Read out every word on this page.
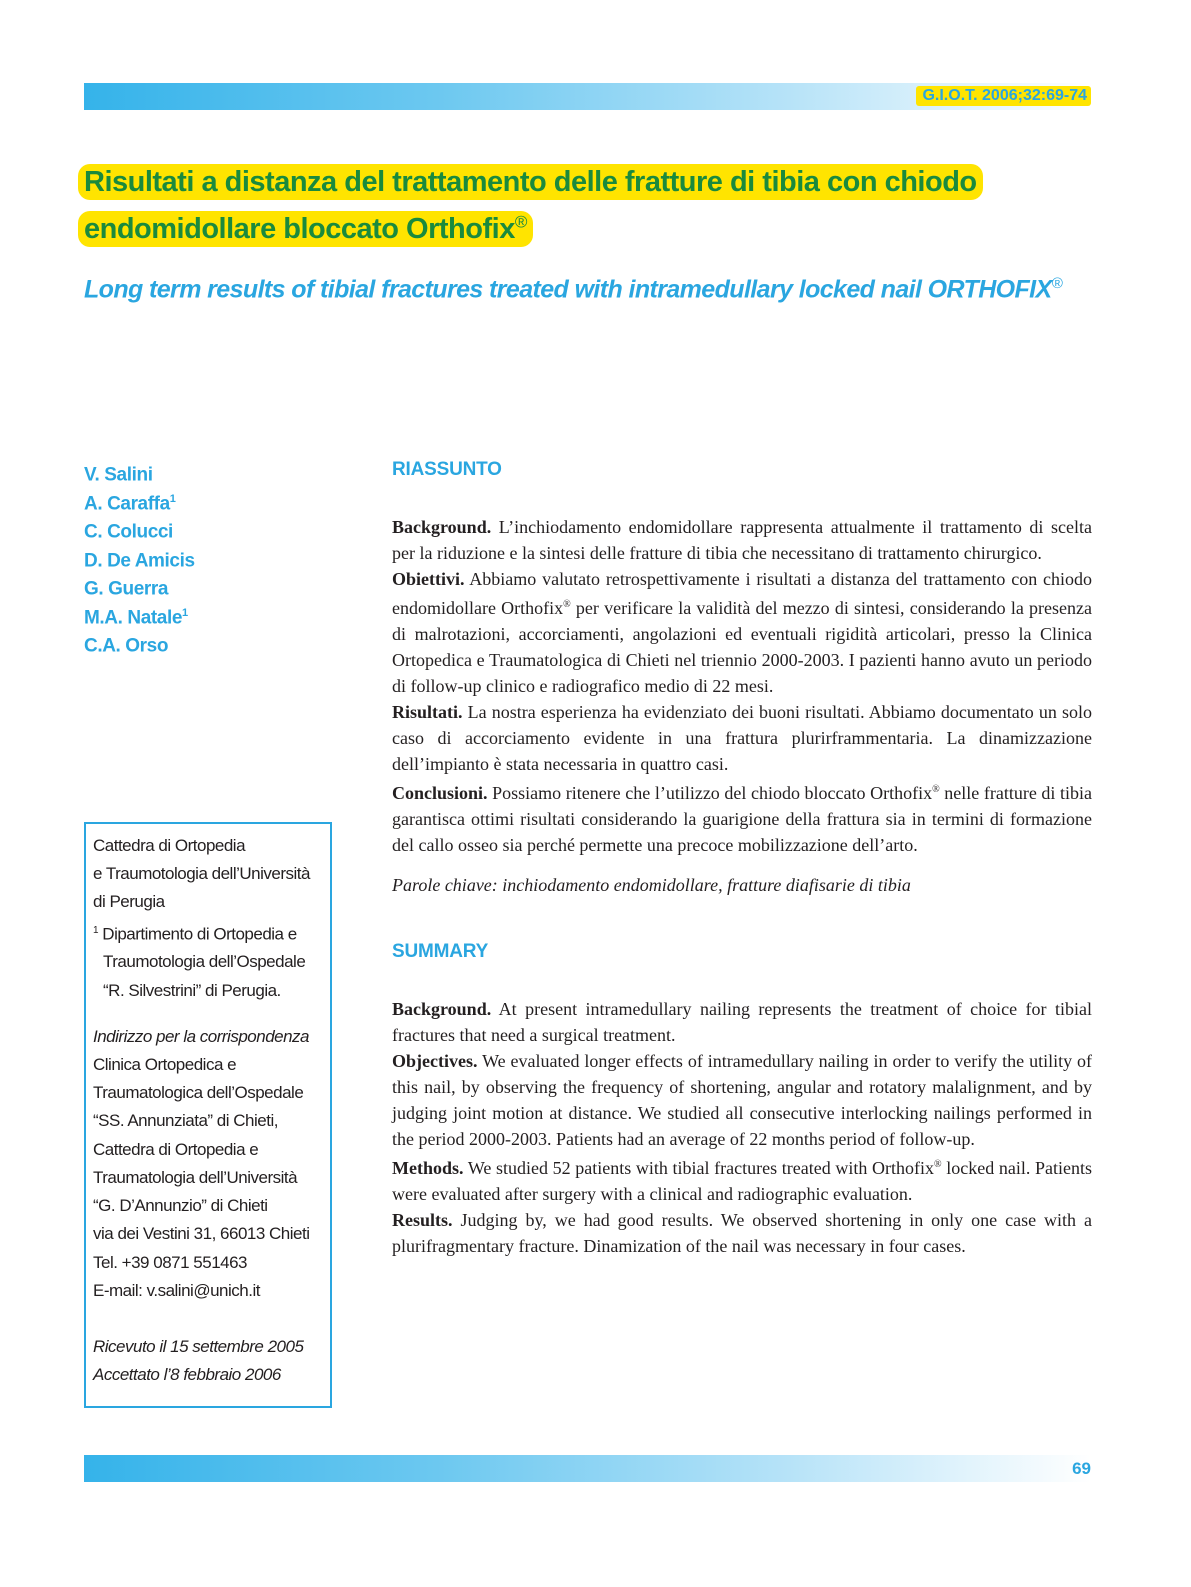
G.I.O.T. 2006;32:69-74
Risultati a distanza del trattamento delle fratture di tibia con chiodo
endomidollare bloccato Orthofix®
Long term results of tibial fractures treated with intramedullary locked nail ORTHOFIX®
V. Salini
A. Caraffa$^1$
C. Colucci
D. De Amicis
G. Guerra
M.A. Natale$^1$
C.A. Orso
Cattedra di Ortopedia
e Traumotologia dell’Università
di Perugia
$^1$ Dipartimento di Ortopedia e
Traumotologia dell’Ospedale
“R. Silvestrini” di Perugia.
Indirizzo per la corrispondenza
Clinica Ortopedica e
Traumatologica dell’Ospedale
“SS. Annunziata” di Chieti,
Cattedra di Ortopedia e
Traumatologia dell’Università
“G. D’Annunzio” di Chieti
via dei Vestini 31, 66013 Chieti
Tel. +39 0871 551463
E-mail: v.salini@unich.it
Ricevuto il 15 settembre 2005
Accettato l’8 febbraio 2006
RIASSUNTO

Background. L’inchiodamento endomidollare rappresenta attualmente il trattamento di scelta per la riduzione e la sintesi delle fratture di tibia che necessitano di trattamento chirurgico.

Obiettivi. Abbiamo valutato retrospettivamente i risultati a distanza del trattamento con chiodo endomidollare Orthofix® per verificare la validità del mezzo di sintesi, considerando la presenza di malrotazioni, accorciamenti, angolazioni ed eventuali rigidità articolari, presso la Clinica Ortopedica e Traumatologica di Chieti nel triennio 2000-2003. I pazienti hanno avuto un periodo di follow-up clinico e radiografico medio di 22 mesi.

Risultati. La nostra esperienza ha evidenziato dei buoni risultati. Abbiamo documentato un solo caso di accorciamento evidente in una frattura plurirframmentaria. La dinamizzazione dell’impianto è stata necessaria in quattro casi.

Conclusioni. Possiamo ritenere che l’utilizzo del chiodo bloccato Orthofix® nelle fratture di tibia garantisca ottimi risultati considerando la guarigione della frattura sia in termini di formazione del callo osseo sia perché permette una precoce mobilizzazione dell’arto.

Parole chiave: inchiodamento endomidollare, fratture diafisarie di tibia

SUMMARY

Background. At present intramedullary nailing represents the treatment of choice for tibial fractures that need a surgical treatment.

Objectives. We evaluated longer effects of intramedullary nailing in order to verify the utility of this nail, by observing the frequency of shortening, angular and rotatory malalignment, and by judging joint motion at distance. We studied all consecutive interlocking nailings performed in the period 2000-2003. Patients had an average of 22 months period of follow-up.

Methods. We studied 52 patients with tibial fractures treated with Orthofix® locked nail. Patients were evaluated after surgery with a clinical and radiographic evaluation.

Results. Judging by, we had good results. We observed shortening in only one case with a plurifragmentary fracture. Dinamization of the nail was necessary in four cases.

69
